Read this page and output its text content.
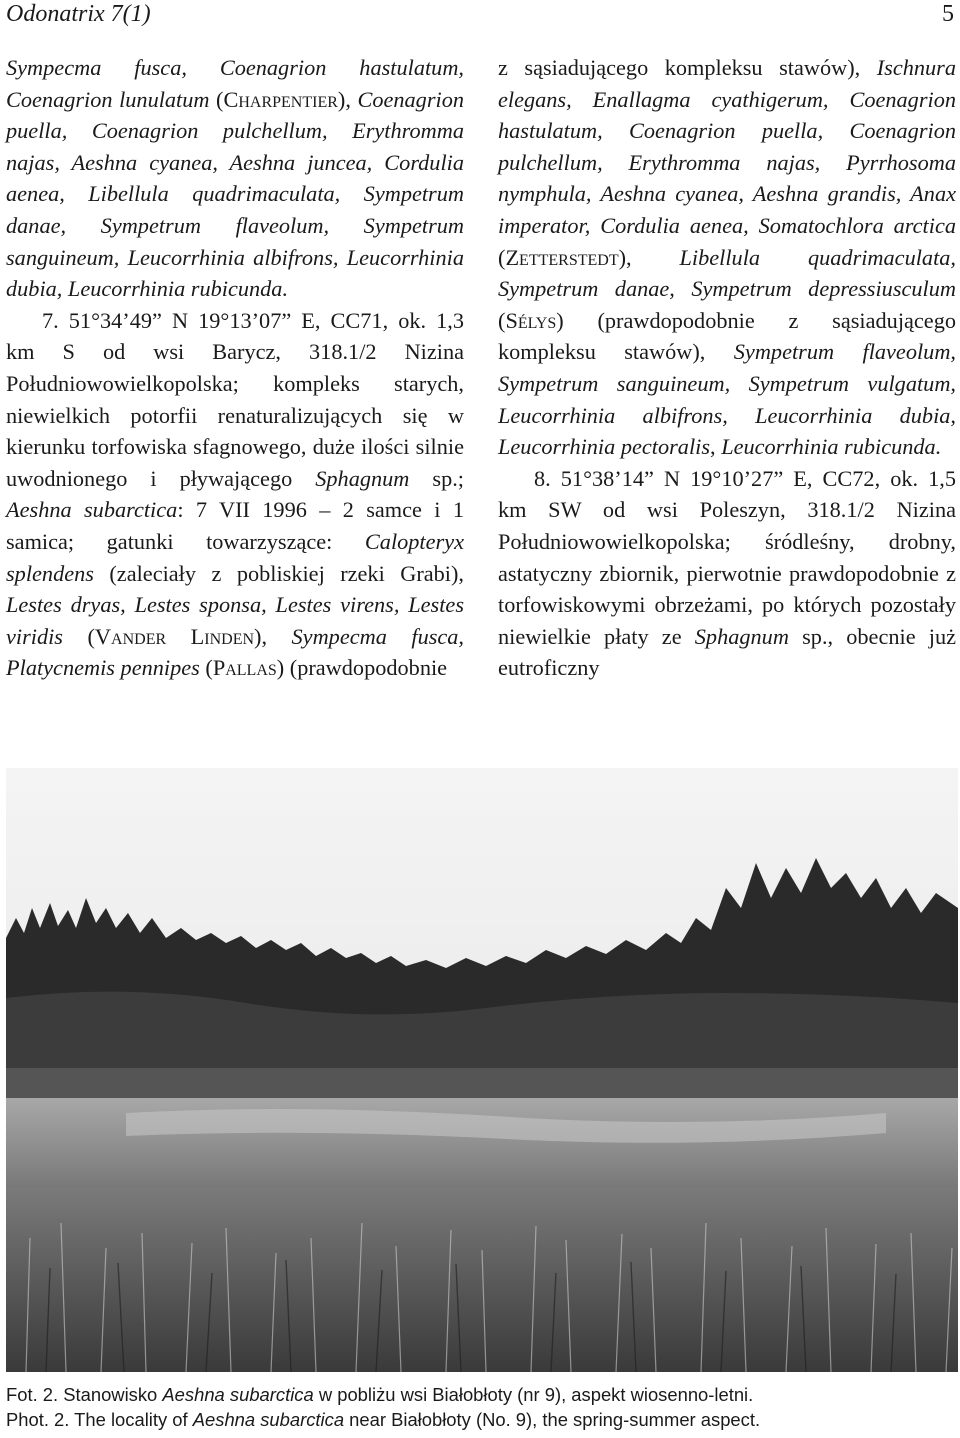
Odonatrix 7(1)	5

Sympecma fusca, Coenagrion hastulatum, Coenagrion lunulatum (Charpentier), Coenagrion puella, Coenagrion pulchellum, Erythromma najas, Aeshna cyanea, Aeshna juncea, Cordulia aenea, Libellula quadrimaculata, Sympetrum danae, Sympetrum flaveolum, Sympetrum sanguineum, Leucorrhinia albifrons, Leucorrhinia dubia, Leucorrhinia rubicunda.

7. 51°34’49” N 19°13’07” E, CC71, ok. 1,3 km S od wsi Barycz, 318.1/2 Nizina Południowowielkopolska; kompleks starych, niewielkich potorfii renaturalizujących się w kierunku torfowiska sfagnowego, duże ilości silnie uwodnionego i pływającego Sphagnum sp.; Aeshna subarctica: 7 VII 1996 – 2 samce i 1 samica; gatunki towarzyszące: Calopteryx splendens (zaleciały z pobliskiej rzeki Grabi), Lestes dryas, Lestes sponsa, Lestes virens, Lestes viridis (Vander Linden), Sympecma fusca, Platycnemis pennipes (Pallas) (prawdopodobnie

z sąsiadującego kompleksu stawów), Ischnura elegans, Enallagma cyathigerum, Coenagrion hastulatum, Coenagrion puella, Coenagrion pulchellum, Erythromma najas, Pyrrhosoma nymphula, Aeshna cyanea, Aeshna grandis, Anax imperator, Cordulia aenea, Somatochlora arctica (Zetterstedt), Libellula quadrimaculata, Sympetrum danae, Sympetrum depressiusculum (Sélys) (prawdopodobnie z sąsiadującego kompleksu stawów), Sympetrum flaveolum, Sympetrum sanguineum, Sympetrum vulgatum, Leucorrhinia albifrons, Leucorrhinia dubia, Leucorrhinia pectoralis, Leucorrhinia rubicunda.

8. 51°38’14” N 19°10’27” E, CC72, ok. 1,5 km SW od wsi Poleszyn, 318.1/2 Nizina Południowowielkopolska; śródleśny, drobny, astatyczny zbiornik, pierwotnie prawdopodobnie z torfowiskowymi obrzeżami, po których pozostały niewielkie płaty ze Sphagnum sp., obecnie już eutroficzny

Fot. 2. Stanowisko Aeshna subarctica w pobliżu wsi Białobłoty (nr 9), aspekt wiosenno-letni.
Phot. 2. The locality of Aeshna subarctica near Białobłoty (No. 9), the spring-summer aspect.
